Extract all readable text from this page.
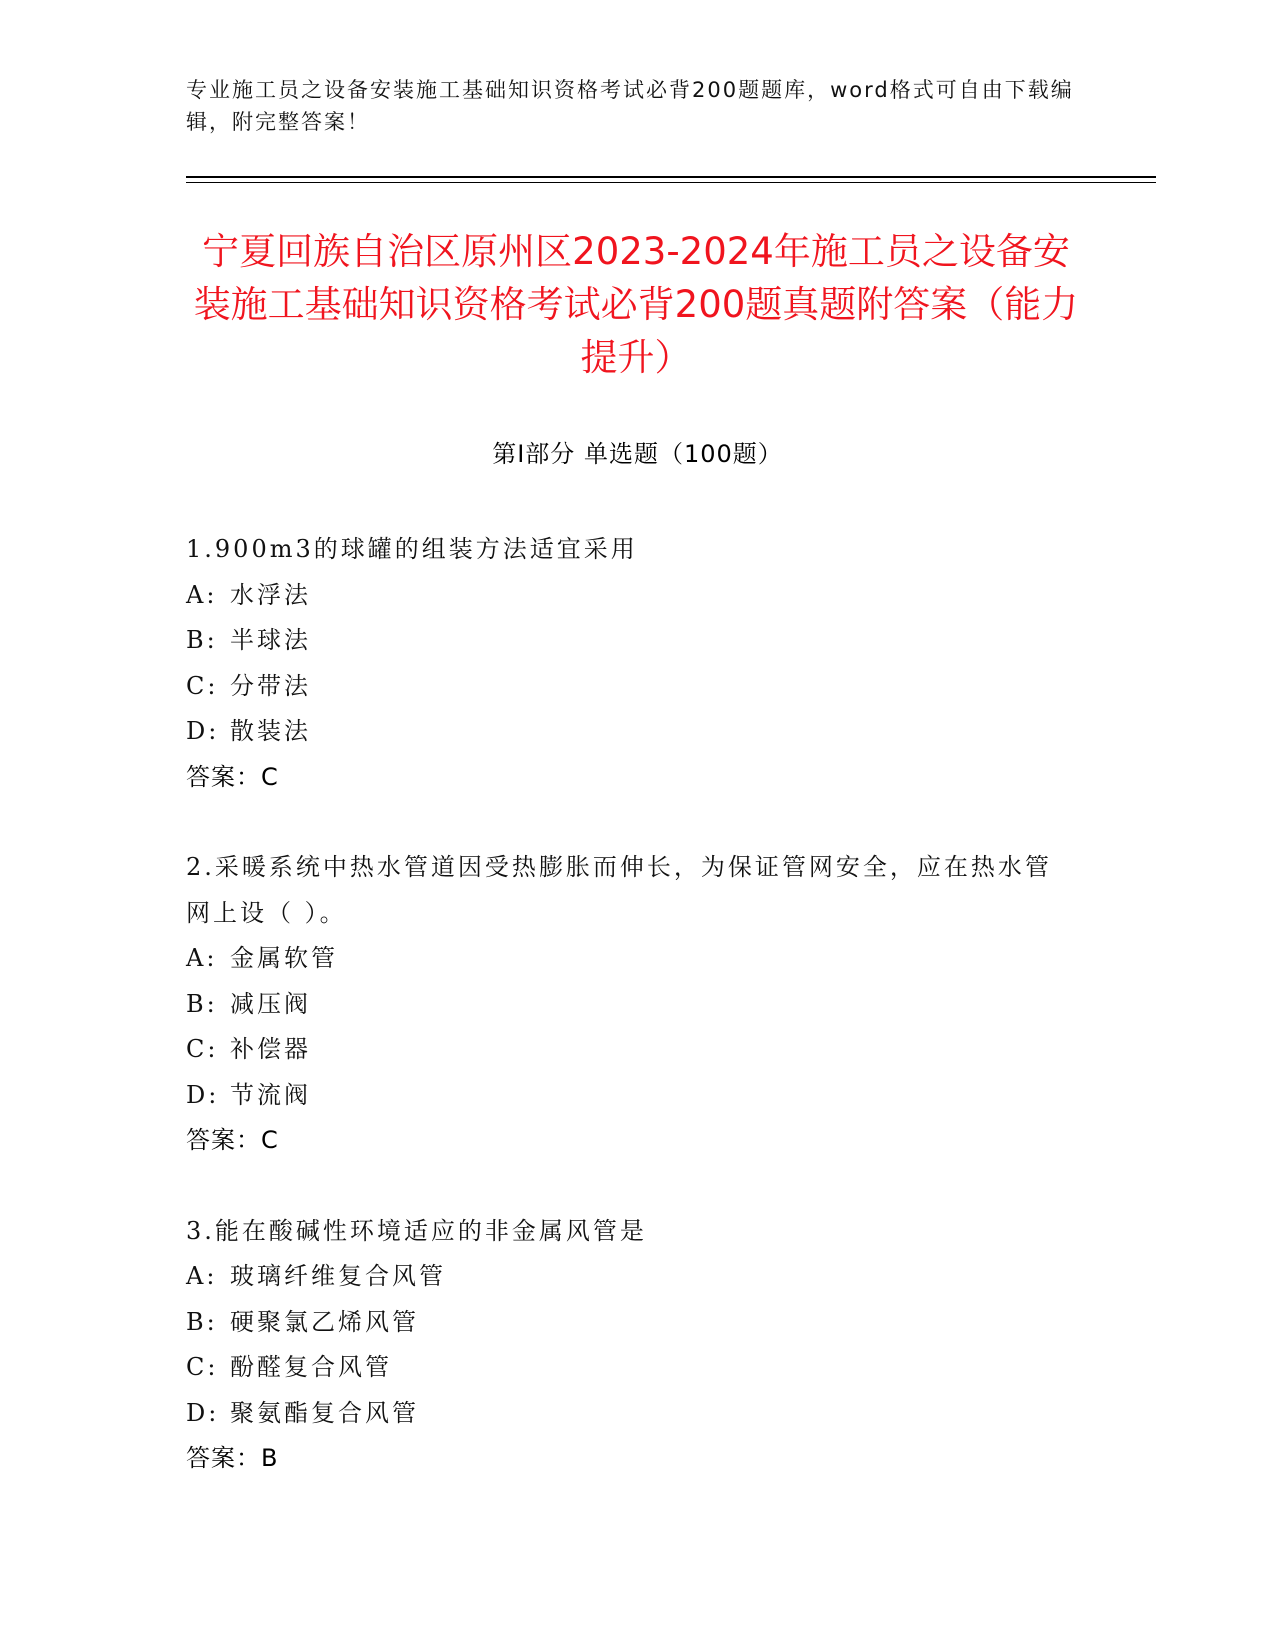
专业施工员之设备安装施工基础知识资格考试必背200题题库，word格式可自由下载编辑，附完整答案！
宁夏回族自治区原州区2023-2024年施工员之设备安装施工基础知识资格考试必背200题真题附答案（能力提升）
第I部分 单选题（100题）
1.900m3的球罐的组装方法适宜采用
A: 水浮法
B: 半球法
C: 分带法
D: 散装法
答案：C
2.采暖系统中热水管道因受热膨胀而伸长，为保证管网安全，应在热水管网上设（ ）。
A: 金属软管
B: 减压阀
C: 补偿器
D: 节流阀
答案：C
3.能在酸碱性环境适应的非金属风管是
A: 玻璃纤维复合风管
B: 硬聚氯乙烯风管
C: 酚醛复合风管
D: 聚氨酯复合风管
答案：B
